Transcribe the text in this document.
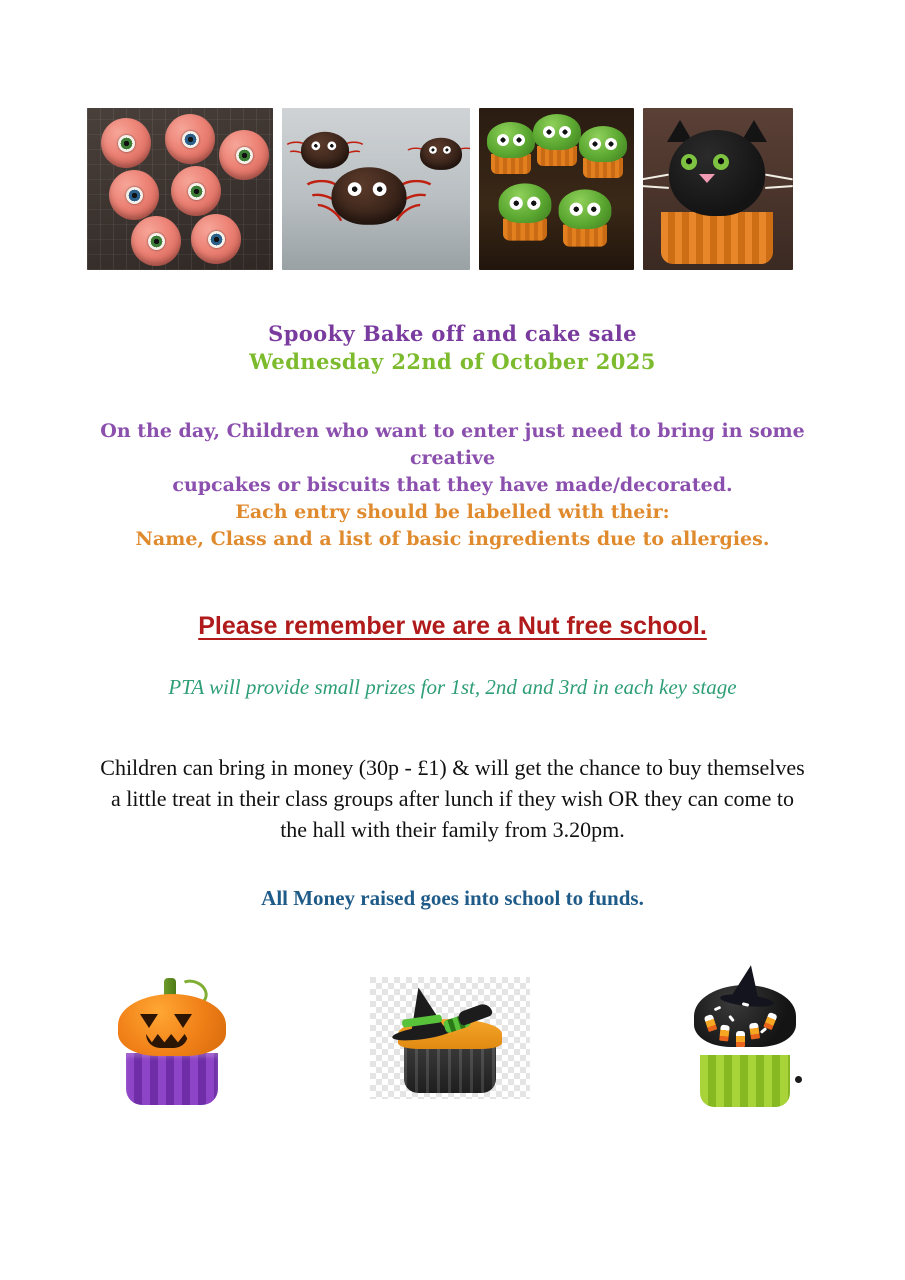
Spooky Bake off and cake sale
Wednesday 22nd of October 2025
On the day, Children who want to enter just need to bring in some creative
cupcakes or biscuits that they have made/decorated.
Each entry should be labelled with their:
Name, Class and a list of basic ingredients due to allergies.
Please remember we are a Nut free school.
PTA will provide small prizes for 1st, 2nd and 3rd in each key stage
Children can bring in money (30p - £1) & will get the chance to buy themselves a little treat in their class groups after lunch if they wish OR they can come to the hall with their family from 3.20pm.
All Money raised goes into school to funds.
